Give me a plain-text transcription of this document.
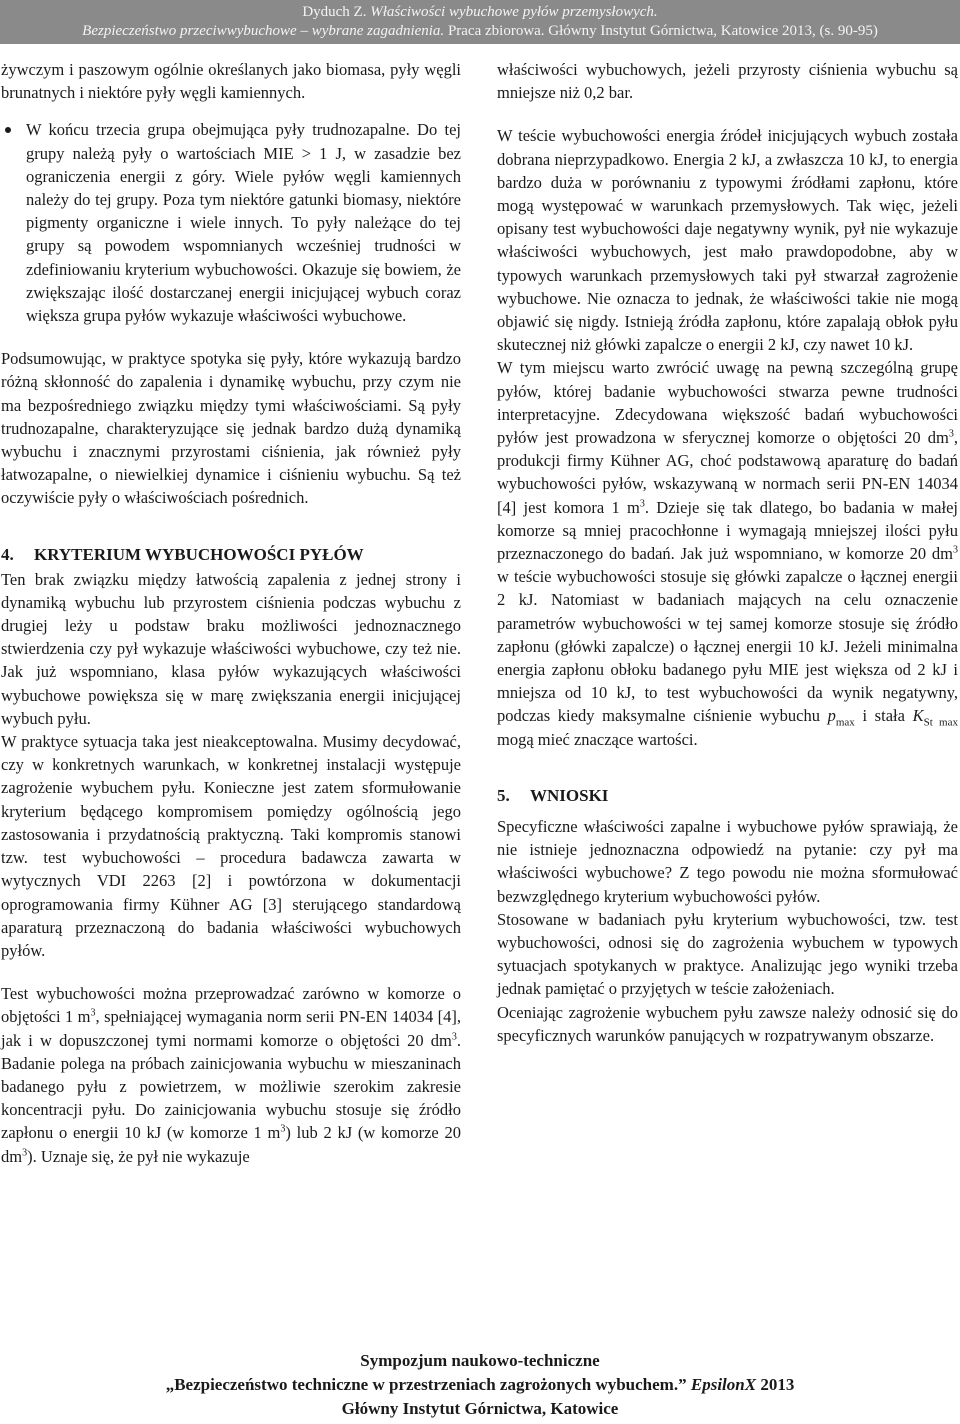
Dyduch Z. Właściwości wybuchowe pyłów przemysłowych.
Bezpieczeństwo przeciwwybuchowe – wybrane zagadnienia. Praca zbiorowa. Główny Instytut Górnictwa, Katowice 2013, (s. 90-95)

żywczym i paszowym ogólnie określanych jako biomasa, pyły węgli brunatnych i niektóre pyły węgli kamiennych.

W końcu trzecia grupa obejmująca pyły trudnozapalne. Do tej grupy należą pyły o wartościach MIE > 1 J, w zasadzie bez ograniczenia energii z góry. Wiele pyłów węgli kamiennych należy do tej grupy. Poza tym niektóre gatunki biomasy, niektóre pigmenty organiczne i wiele innych. To pyły należące do tej grupy są powodem wspomnianych wcześniej trudności w zdefiniowaniu kryterium wybuchowości. Okazuje się bowiem, że zwiększając ilość dostarczanej energii inicjującej wybuch coraz większa grupa pyłów wykazuje właściwości wybuchowe.

Podsumowując, w praktyce spotyka się pyły, które wykazują bardzo różną skłonność do zapalenia i dynamikę wybuchu, przy czym nie ma bezpośredniego związku między tymi właściwościami. Są pyły trudnozapalne, charakteryzujące się jednak bardzo dużą dynamiką wybuchu i znacznymi przyrostami ciśnienia, jak również pyły łatwozapalne, o niewielkiej dynamice i ciśnieniu wybuchu. Są też oczywiście pyły o właściwościach pośrednich.

4. KRYTERIUM WYBUCHOWOŚCI PYŁÓW

Ten brak związku między łatwością zapalenia z jednej strony i dynamiką wybuchu lub przyrostem ciśnienia podczas wybuchu z drugiej leży u podstaw braku możliwości jednoznacznego stwierdzenia czy pył wykazuje właściwości wybuchowe, czy też nie. Jak już wspomniano, klasa pyłów wykazujących właściwości wybuchowe powiększa się w marę zwiększania energii inicjującej wybuch pyłu.

W praktyce sytuacja taka jest nieakceptowalna. Musimy decydować, czy w konkretnych warunkach, w konkretnej instalacji występuje zagrożenie wybuchem pyłu. Konieczne jest zatem sformułowanie kryterium będącego kompromisem pomiędzy ogólnością jego zastosowania i przydatnością praktyczną. Taki kompromis stanowi tzw. test wybuchowości – procedura badawcza zawarta w wytycznych VDI 2263 [2] i powtórzona w dokumentacji oprogramowania firmy Kühner AG [3] sterującego standardową aparaturą przeznaczoną do badania właściwości wybuchowych pyłów.

Test wybuchowości można przeprowadzać zarówno w komorze o objętości 1 $m^3$, spełniającej wymagania norm serii PN-EN 14034 [4], jak i w dopuszczonej tymi normami komorze o objętości 20 $dm^3$. Badanie polega na próbach zainicjowania wybuchu w mieszaninach badanego pyłu z powietrzem, w możliwie szerokim zakresie koncentracji pyłu. Do zainicjowania wybuchu stosuje się źródło zapłonu o energii 10 kJ (w komorze 1 $m^3$) lub 2 kJ (w komorze 20 $dm^3$). Uznaje się, że pył nie wykazuje

właściwości wybuchowych, jeżeli przyrosty ciśnienia wybuchu są mniejsze niż 0,2 bar.

W teście wybuchowości energia źródeł inicjujących wybuch została dobrana nieprzypadkowo. Energia 2 kJ, a zwłaszcza 10 kJ, to energia bardzo duża w porównaniu z typowymi źródłami zapłonu, które mogą występować w warunkach przemysłowych. Tak więc, jeżeli opisany test wybuchowości daje negatywny wynik, pył nie wykazuje właściwości wybuchowych, jest mało prawdopodobne, aby w typowych warunkach przemysłowych taki pył stwarzał zagrożenie wybuchowe. Nie oznacza to jednak, że właściwości takie nie mogą objawić się nigdy. Istnieją źródła zapłonu, które zapalają obłok pyłu skutecznej niż główki zapalcze o energii 2 kJ, czy nawet 10 kJ.

W tym miejscu warto zwrócić uwagę na pewną szczególną grupę pyłów, której badanie wybuchowości stwarza pewne trudności interpretacyjne. Zdecydowana większość badań wybuchowości pyłów jest prowadzona w sferycznej komorze o objętości 20 $dm^3$, produkcji firmy Kühner AG, choć podstawową aparaturę do badań wybuchowości pyłów, wskazywaną w normach serii PN-EN 14034 [4] jest komora 1 $m^3$. Dzieje się tak dlatego, bo badania w małej komorze są mniej pracochłonne i wymagają mniejszej ilości pyłu przeznaczonego do badań. Jak już wspomniano, w komorze 20 $dm^3$ w teście wybuchowości stosuje się główki zapalcze o łącznej energii 2 kJ. Natomiast w badaniach mających na celu oznaczenie parametrów wybuchowości w tej samej komorze stosuje się źródło zapłonu (główki zapalcze) o łącznej energii 10 kJ. Jeżeli minimalna energia zapłonu obłoku badanego pyłu MIE jest większa od 2 kJ i mniejsza od 10 kJ, to test wybuchowości da wynik negatywny, podczas kiedy maksymalne ciśnienie wybuchu $p_{max}$ i stała $K_{St max}$ mogą mieć znaczące wartości.

5. WNIOSKI

Specyficzne właściwości zapalne i wybuchowe pyłów sprawiają, że nie istnieje jednoznaczna odpowiedź na pytanie: czy pył ma właściwości wybuchowe? Z tego powodu nie można sformułować bezwzględnego kryterium wybuchowości pyłów.

Stosowane w badaniach pyłu kryterium wybuchowości, tzw. test wybuchowości, odnosi się do zagrożenia wybuchem w typowych sytuacjach spotykanych w praktyce. Analizując jego wyniki trzeba jednak pamiętać o przyjętych w teście założeniach.

Oceniając zagrożenie wybuchem pyłu zawsze należy odnosić się do specyficznych warunków panujących w rozpatrywanym obszarze.

Sympozjum naukowo-techniczne
„Bezpieczeństwo techniczne w przestrzeniach zagrożonych wybuchem.” EpsilonX 2013
Główny Instytut Górnictwa, Katowice
